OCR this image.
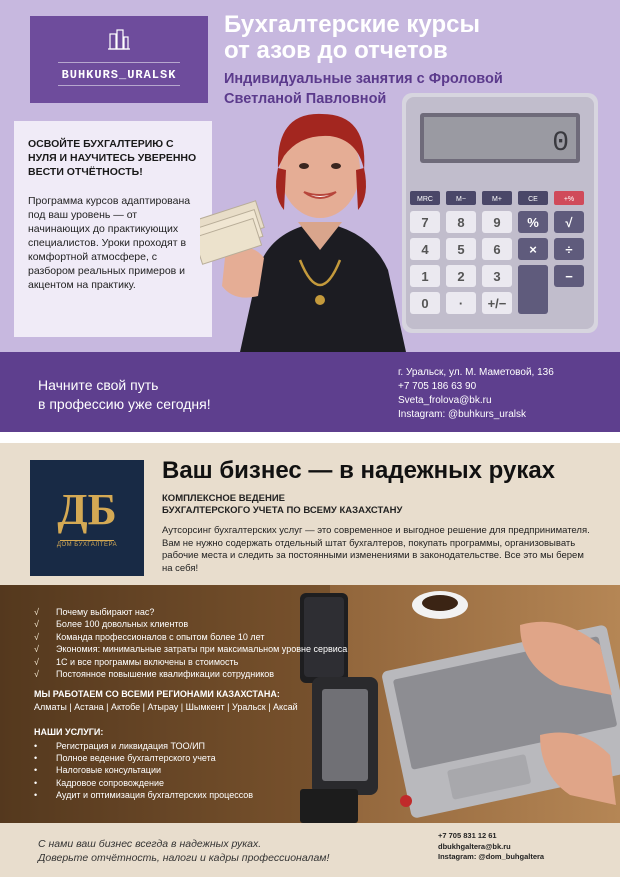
BUHKURS_URALSK
Бухгалтерские курсы
от азов до отчетов
Индивидуальные занятия с Фроловой
Светланой Павловной
ОСВОЙТЕ БУХГАЛТЕРИЮ С НУЛЯ И НАУЧИТЕСЬ УВЕРЕННО ВЕСТИ ОТЧЁТНОСТЬ!
Программа курсов адаптирована под ваш уровень — от начинающих до практикующих специалистов. Уроки проходят в комфортной атмосфере, с разбором реальных примеров и акцентом на практику.
0
MRC	M−	M+	CE	+%
7 8 9 % √
4 5 6 × ÷
1 2 3	−
0 · +/−
Начните свой путь
в профессию уже сегодня!
г. Уральск, ул. М. Маметовой, 136
+7 705 186 63 90
Sveta_frolova@bk.ru
Instagram: @buhkurs_uralsk
ДБ
ДОМ БУХГАЛТЕРА
Ваш бизнес — в надежных руках
КОМПЛЕКСНОЕ ВЕДЕНИЕ
БУХГАЛТЕРСКОГО УЧЕТА ПО ВСЕМУ КАЗАХСТАНУ
Аутсорсинг бухгалтерских услуг — это современное и выгодное решение для предпринимателя. Вам не нужно содержать отдельный штат бухгалтеров, покупать программы, организовывать рабочие места и следить за постоянными изменениями в законодательстве. Все это мы берем на себя!
√ Почему выбирают нас?
√ Более 100 довольных клиентов
√ Команда профессионалов с опытом более 10 лет
√ Экономия: минимальные затраты при максимальном уровне сервиса
√ 1С и все программы включены в стоимость
√ Постоянное повышение квалификации сотрудников
МЫ РАБОТАЕМ СО ВСЕМИ РЕГИОНАМИ КАЗАХСТАНА:
Алматы | Астана | Актобе | Атырау | Шымкент | Уральск | Аксай
НАШИ УСЛУГИ:
• Регистрация и ликвидация ТОО/ИП
• Полное ведение бухгалтерского учета
• Налоговые консультации
• Кадровое сопровождение
• Аудит и оптимизация бухгалтерских процессов
С нами ваш бизнес всегда в надежных руках.
Доверьте отчётность, налоги и кадры профессионалам!
+7 705 831 12 61
dbukhgaltera@bk.ru
Instagram: @dom_buhgaltera
